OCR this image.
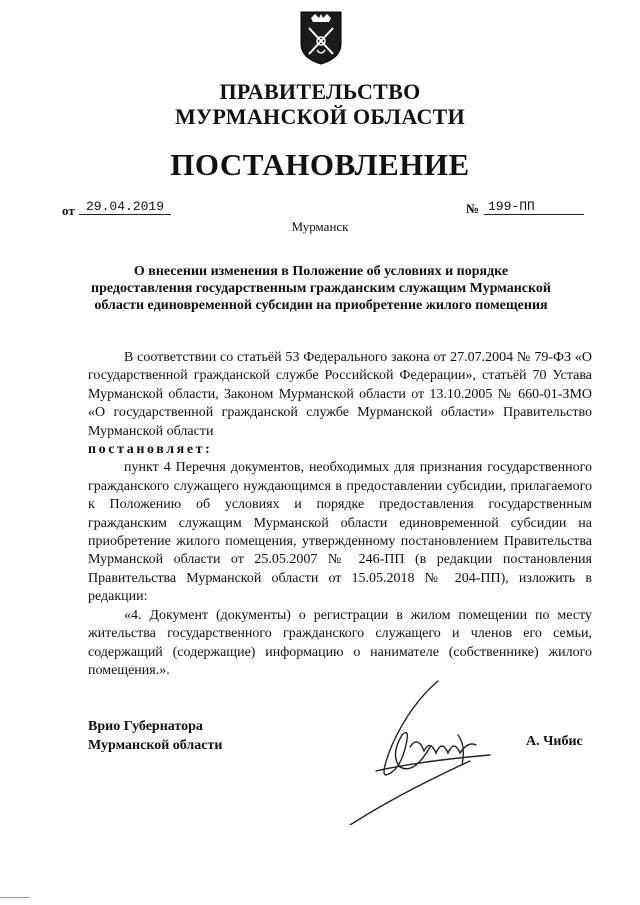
ПРАВИТЕЛЬСТВО
МУРМАНСКОЙ ОБЛАСТИ
ПОСТАНОВЛЕНИЕ
от 29.04.2019	№ 199-ПП
Мурманск
О внесении изменения в Положение об условиях и порядке предоставления государственным гражданским служащим Мурманской области единовременной субсидии на приобретение жилого помещения

В соответствии со статьёй 53 Федерального закона от 27.07.2004 № 79-ФЗ «О государственной гражданской службе Российской Федерации», статьёй 70 Устава Мурманской области, Законом Мурманской области от 13.10.2005 № 660-01-ЗМО «О государственной гражданской службе Мурманской области» Правительство Мурманской области

постановляет:

пункт 4 Перечня документов, необходимых для признания государственного гражданского служащего нуждающимся в предоставлении субсидии, прилагаемого к Положению об условиях и порядке предоставления государственным гражданским служащим Мурманской области единовременной субсидии на приобретение жилого помещения, утвержденному постановлением Правительства Мурманской области от 25.05.2007 № 246-ПП (в редакции постановления Правительства Мурманской области от 15.05.2018 № 204-ПП), изложить в редакции:

«4. Документ (документы) о регистрации в жилом помещении по месту жительства государственного гражданского служащего и членов его семьи, содержащий (содержащие) информацию о нанимателе (собственнике) жилого помещения.».

Врио Губернатора
Мурманской области	А. Чибис
